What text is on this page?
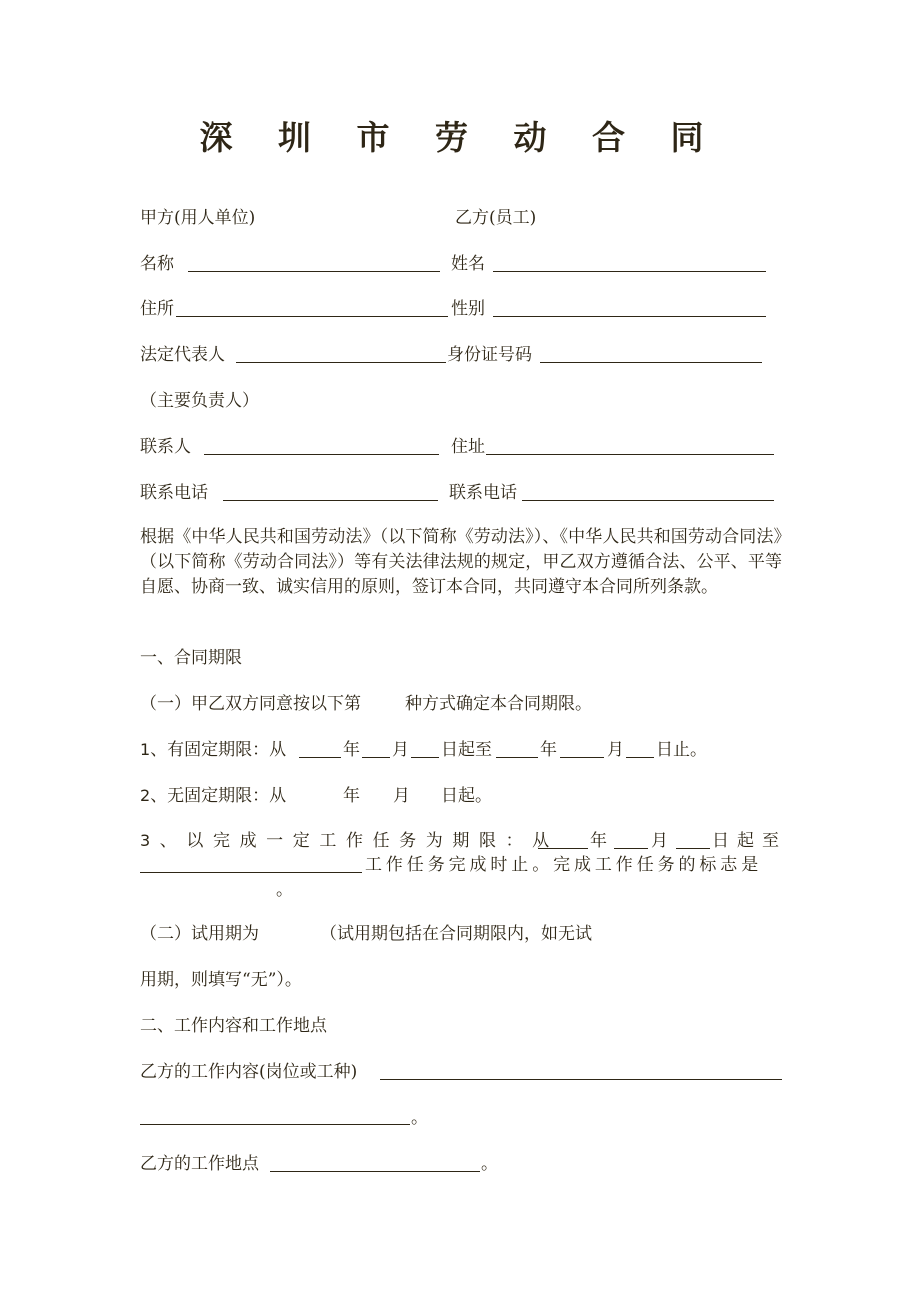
深 圳 市 劳 动 合 同
甲方(用人单位)	乙方(员工)
名称	姓名
住所	性别
法定代表人	身份证号码
（主要负责人）
联系人	住址
联系电话	联系电话
根据《中华人民共和国劳动法》（以下简称《劳动法》）、《中华人民共和国劳动合同法》（以下简称《劳动合同法》）等有关法律法规的规定，甲乙双方遵循合法、公平、平等自愿、协商一致、诚实信用的原则，签订本合同，共同遵守本合同所列条款。
一、合同期限
（一）甲乙双方同意按以下第	种方式确定本合同期限。
1、有固定期限：从	年 月 日起至	年	月 日止。
2、无固定期限：从	年 月 日起。
3、以完成一定工作任务为期限：从 年	月	日起至
工作任务完成时止。完成工作任务的标志是
。
（二）试用期为	（试用期包括在合同期限内，如无试
用期，则填写“无”）。
二、工作内容和工作地点
乙方的工作内容(岗位或工种)
。
乙方的工作地点	。
